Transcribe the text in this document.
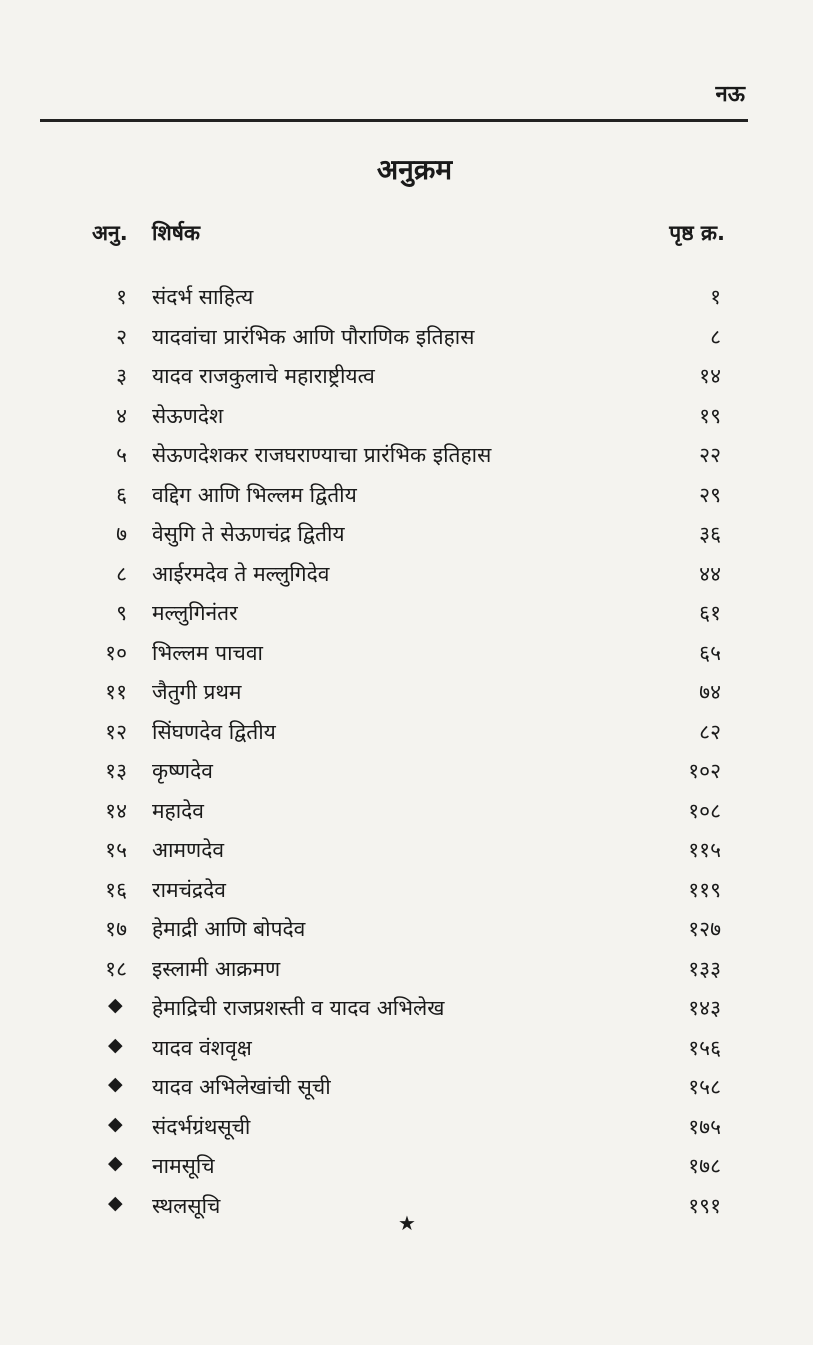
नऊ
अनुक्रम
अनु. शिर्षक	पृष्ठ क्र.
१ संदर्भ साहित्य	१
२ यादवांचा प्रारंभिक आणि पौराणिक इतिहास	८
३ यादव राजकुलाचे महाराष्ट्रीयत्व	१४
४ सेऊणदेश	१९
५ सेऊणदेशकर राजघराण्याचा प्रारंभिक इतिहास	२२
६ वद्दिग आणि भिल्लम द्वितीय	२९
७ वेसुगि ते सेऊणचंद्र द्वितीय	३६
८ आईरमदेव ते मल्लुगिदेव	४४
९ मल्लुगिनंतर	६१
१० भिल्लम पाचवा	६५
११ जैतुगी प्रथम	७४
१२ सिंघणदेव द्वितीय	८२
१३ कृष्णदेव	१०२
१४ महादेव	१०८
१५ आमणदेव	११५
१६ रामचंद्रदेव	११९
१७ हेमाद्री आणि बोपदेव	१२७
१८ इस्लामी आक्रमण	१३३
◆ हेमाद्रिची राजप्रशस्ती व यादव अभिलेख	१४३
◆ यादव वंशवृक्ष	१५६
◆ यादव अभिलेखांची सूची	१५८
◆ संदर्भग्रंथसूची	१७५
◆ नामसूचि	१७८
◆ स्थलसूचि	१९१
★
